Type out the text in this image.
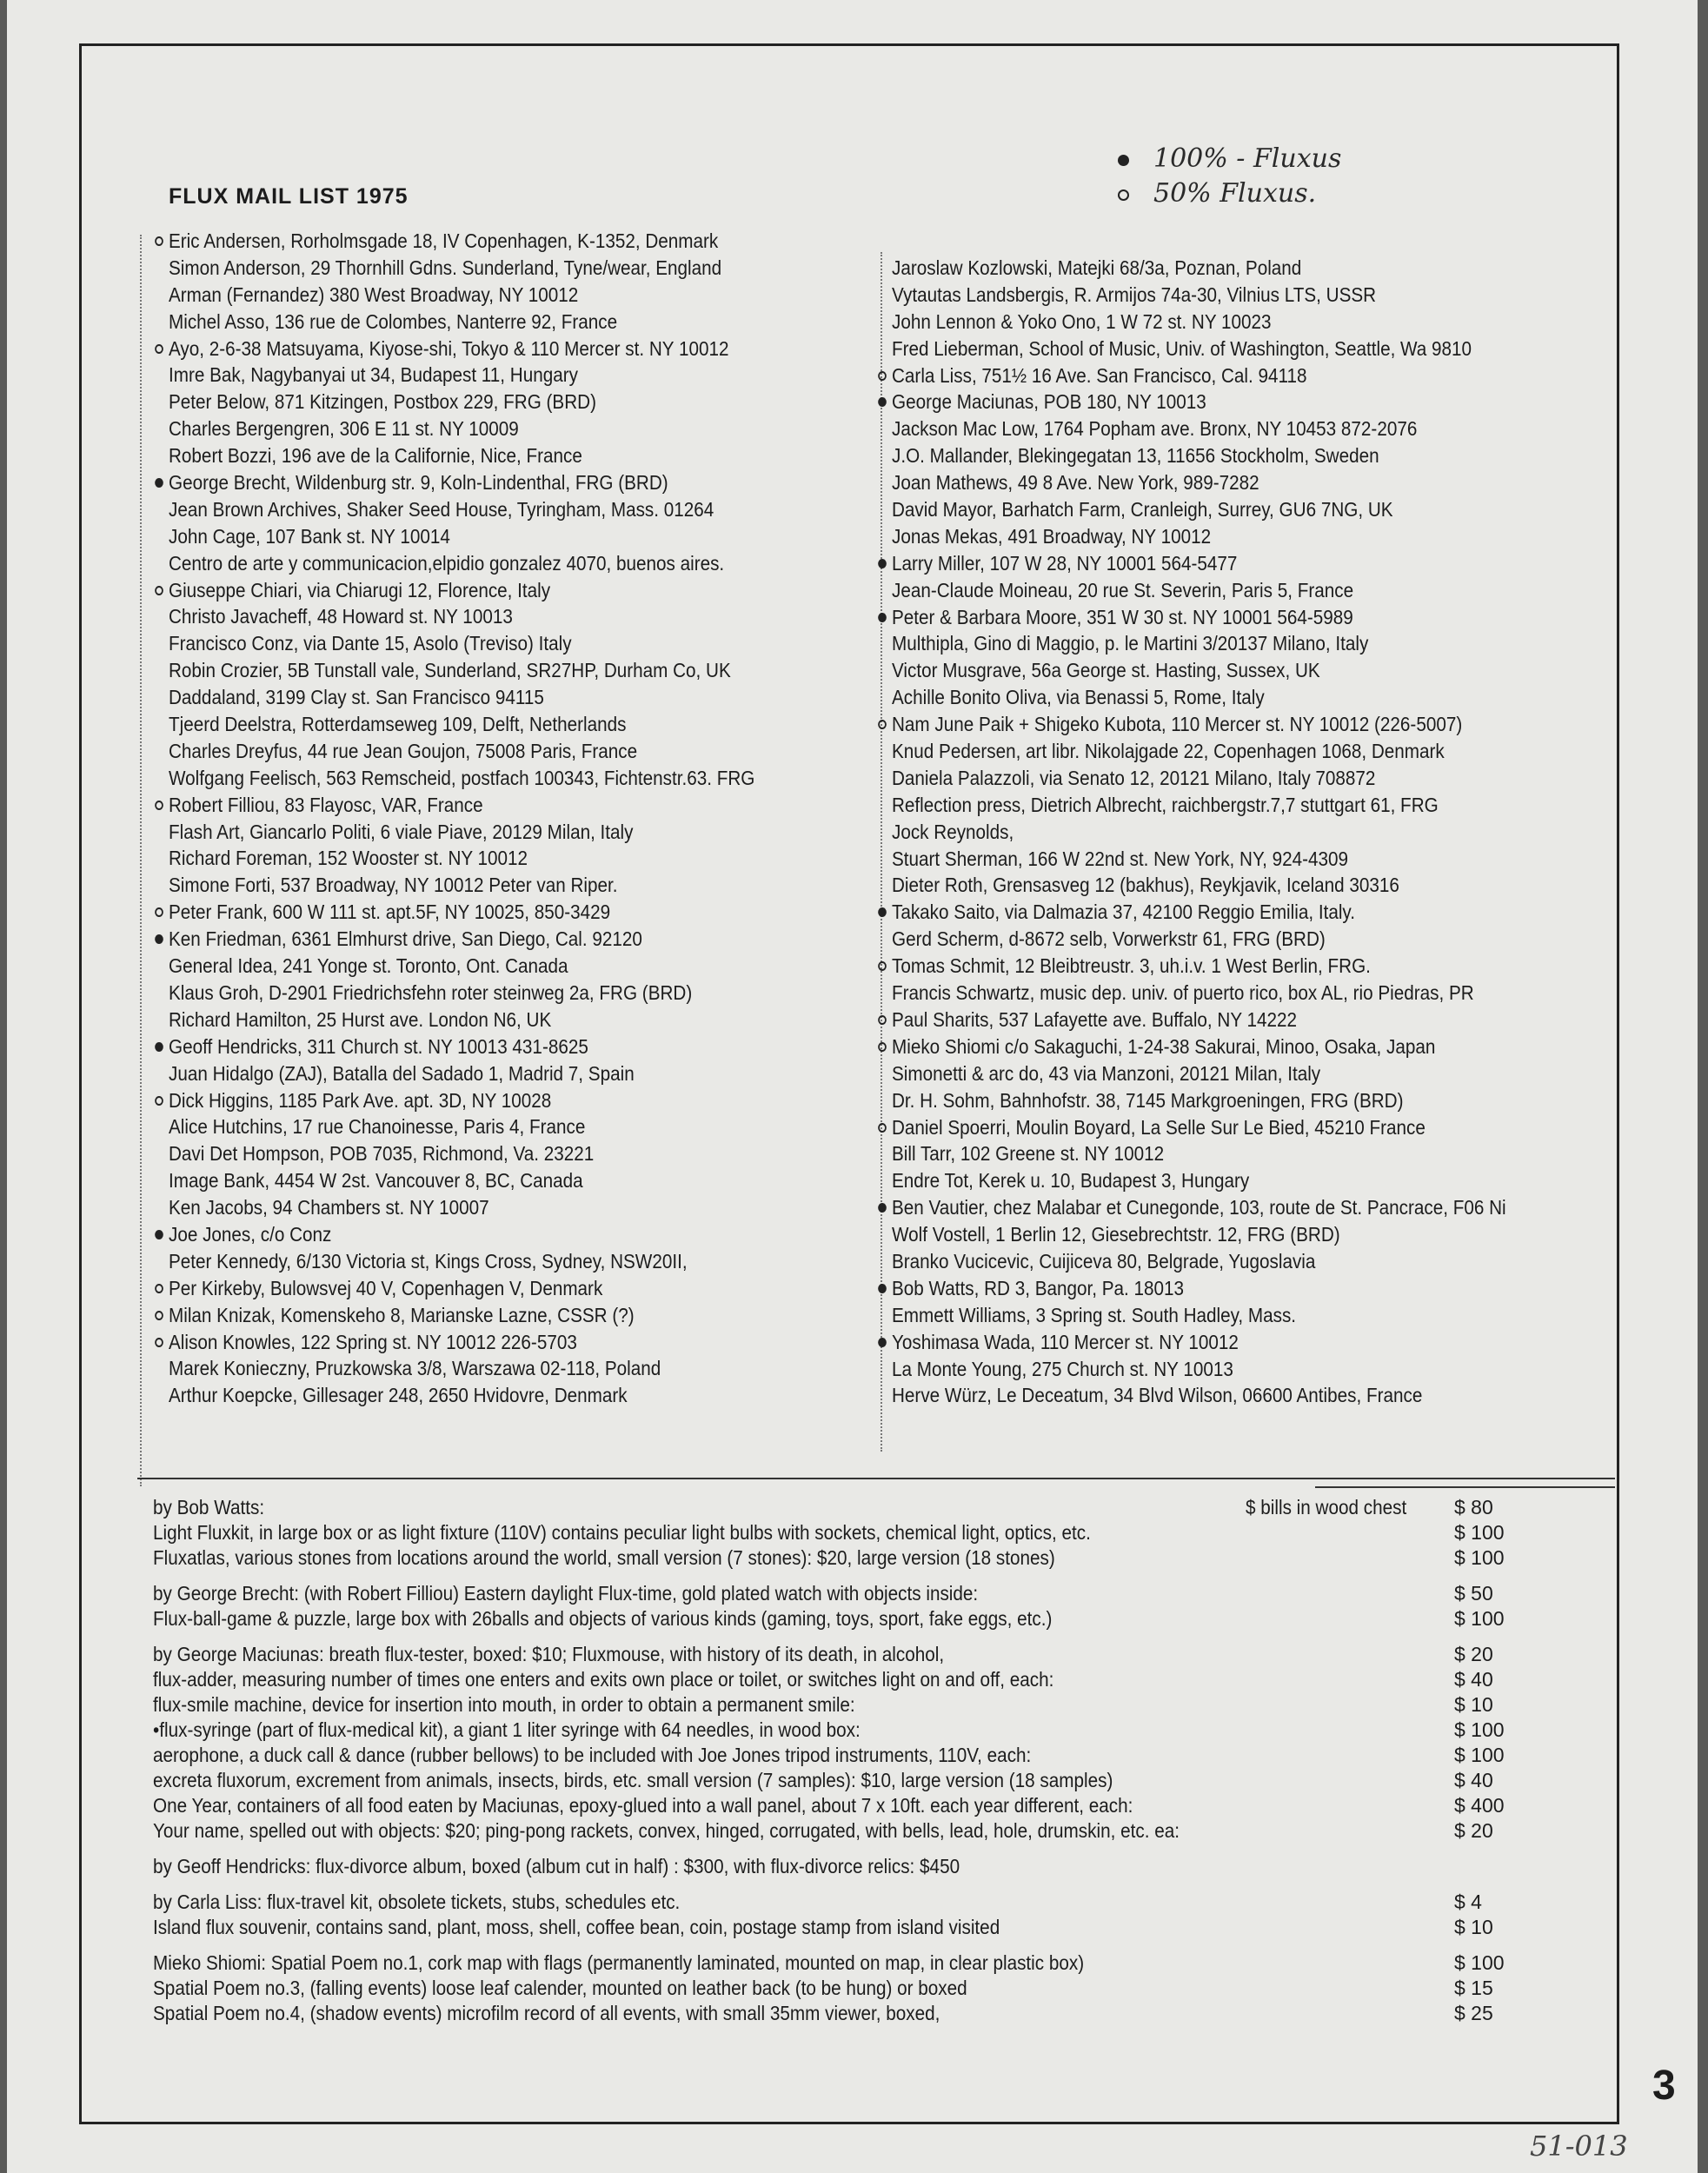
FLUX MAIL LIST 1975
100% - Fluxus
50% Fluxus.
Eric Andersen, Rorholmsgade 18, IV Copenhagen, K-1352, Denmark
Simon Anderson, 29 Thornhill Gdns. Sunderland, Tyne/wear, England
Arman (Fernandez) 380 West Broadway, NY 10012
Michel Asso, 136 rue de Colombes, Nanterre 92, France
Ayo, 2-6-38 Matsuyama, Kiyose-shi, Tokyo & 110 Mercer st. NY 10012
Imre Bak, Nagybanyai ut 34, Budapest 11, Hungary
Peter Below, 871 Kitzingen, Postbox 229, FRG (BRD)
Charles Bergengren, 306 E 11 st. NY 10009
Robert Bozzi, 196 ave de la Californie, Nice, France
George Brecht, Wildenburg str. 9, Koln-Lindenthal, FRG (BRD)
Jean Brown Archives, Shaker Seed House, Tyringham, Mass. 01264
John Cage, 107 Bank st. NY 10014
Centro de arte y communicacion,elpidio gonzalez 4070, buenos aires.
Giuseppe Chiari, via Chiarugi 12, Florence, Italy
Christo Javacheff, 48 Howard st. NY 10013
Francisco Conz, via Dante 15, Asolo (Treviso) Italy
Robin Crozier, 5B Tunstall vale, Sunderland, SR27HP, Durham Co, UK
Daddaland, 3199 Clay st. San Francisco 94115
Tjeerd Deelstra, Rotterdamseweg 109, Delft, Netherlands
Charles Dreyfus, 44 rue Jean Goujon, 75008 Paris, France
Wolfgang Feelisch, 563 Remscheid, postfach 100343, Fichtenstr.63. FRG
Robert Filliou, 83 Flayosc, VAR, France
Flash Art, Giancarlo Politi, 6 viale Piave, 20129 Milan, Italy
Richard Foreman, 152 Wooster st. NY 10012
Simone Forti, 537 Broadway, NY 10012 Peter van Riper.
Peter Frank, 600 W 111 st. apt.5F, NY 10025, 850-3429
Ken Friedman, 6361 Elmhurst drive, San Diego, Cal. 92120
General Idea, 241 Yonge st. Toronto, Ont. Canada
Klaus Groh, D-2901 Friedrichsfehn roter steinweg 2a, FRG (BRD)
Richard Hamilton, 25 Hurst ave. London N6, UK
Geoff Hendricks, 311 Church st. NY 10013 431-8625
Juan Hidalgo (ZAJ), Batalla del Sadado 1, Madrid 7, Spain
Dick Higgins, 1185 Park Ave. apt. 3D, NY 10028
Alice Hutchins, 17 rue Chanoinesse, Paris 4, France
Davi Det Hompson, POB 7035, Richmond, Va. 23221
Image Bank, 4454 W 2st. Vancouver 8, BC, Canada
Ken Jacobs, 94 Chambers st. NY 10007
Joe Jones, c/o Conz
Peter Kennedy, 6/130 Victoria st, Kings Cross, Sydney, NSW20II,
Per Kirkeby, Bulowsvej 40 V, Copenhagen V, Denmark
Milan Knizak, Komenskeho 8, Marianske Lazne, CSSR (?)
Alison Knowles, 122 Spring st. NY 10012 226-5703
Marek Konieczny, Pruzkowska 3/8, Warszawa 02-118, Poland
Arthur Koepcke, Gillesager 248, 2650 Hvidovre, Denmark
Jaroslaw Kozlowski, Matejki 68/3a, Poznan, Poland
Vytautas Landsbergis, R. Armijos 74a-30, Vilnius LTS, USSR
John Lennon & Yoko Ono, 1 W 72 st. NY 10023
Fred Lieberman, School of Music, Univ. of Washington, Seattle, Wa 9810
Carla Liss, 751½ 16 Ave. San Francisco, Cal. 94118
George Maciunas, POB 180, NY 10013
Jackson Mac Low, 1764 Popham ave. Bronx, NY 10453 872-2076
J.O. Mallander, Blekingegatan 13, 11656 Stockholm, Sweden
Joan Mathews, 49 8 Ave. New York, 989-7282
David Mayor, Barhatch Farm, Cranleigh, Surrey, GU6 7NG, UK
Jonas Mekas, 491 Broadway, NY 10012
Larry Miller, 107 W 28, NY 10001 564-5477
Jean-Claude Moineau, 20 rue St. Severin, Paris 5, France
Peter & Barbara Moore, 351 W 30 st. NY 10001 564-5989
Multhipla, Gino di Maggio, p. le Martini 3/20137 Milano, Italy
Victor Musgrave, 56a George st. Hasting, Sussex, UK
Achille Bonito Oliva, via Benassi 5, Rome, Italy
Nam June Paik + Shigeko Kubota, 110 Mercer st. NY 10012 (226-5007)
Knud Pedersen, art libr. Nikolajgade 22, Copenhagen 1068, Denmark
Daniela Palazzoli, via Senato 12, 20121 Milano, Italy 708872
Reflection press, Dietrich Albrecht, raichbergstr.7,7 stuttgart 61, FRG
Jock Reynolds,
Stuart Sherman, 166 W 22nd st. New York, NY, 924-4309
Dieter Roth, Grensasveg 12 (bakhus), Reykjavik, Iceland 30316
Takako Saito, via Dalmazia 37, 42100 Reggio Emilia, Italy.
Gerd Scherm, d-8672 selb, Vorwerkstr 61, FRG (BRD)
Tomas Schmit, 12 Bleibtreustr. 3, uh.i.v. 1 West Berlin, FRG.
Francis Schwartz, music dep. univ. of puerto rico, box AL, rio Piedras, PR
Paul Sharits, 537 Lafayette ave. Buffalo, NY 14222
Mieko Shiomi c/o Sakaguchi, 1-24-38 Sakurai, Minoo, Osaka, Japan
Simonetti & arc do, 43 via Manzoni, 20121 Milan, Italy
Dr. H. Sohm, Bahnhofstr. 38, 7145 Markgroeningen, FRG (BRD)
Daniel Spoerri, Moulin Boyard, La Selle Sur Le Bied, 45210 France
Bill Tarr, 102 Greene st. NY 10012
Endre Tot, Kerek u. 10, Budapest 3, Hungary
Ben Vautier, chez Malabar et Cunegonde, 103, route de St. Pancrace, F06 Ni
Wolf Vostell, 1 Berlin 12, Giesebrechtstr. 12, FRG (BRD)
Branko Vucicevic, Cuijiceva 80, Belgrade, Yugoslavia
Bob Watts, RD 3, Bangor, Pa. 18013
Emmett Williams, 3 Spring st. South Hadley, Mass.
Yoshimasa Wada, 110 Mercer st. NY 10012
La Monte Young, 275 Church st. NY 10013
Herve Würz, Le Deceatum, 34 Blvd Wilson, 06600 Antibes, France
by Bob Watts:	$ bills in wood chest $ 80
Light Fluxkit, in large box or as light fixture (110V) contains peculiar light bulbs with sockets, chemical light, optics, etc.	$ 100
Fluxatlas, various stones from locations around the world, small version (7 stones): $20, large version (18 stones)	$ 100
by George Brecht: (with Robert Filliou) Eastern daylight Flux-time, gold plated watch with objects inside:	$ 50
Flux-ball-game & puzzle, large box with 26balls and objects of various kinds (gaming, toys, sport, fake eggs, etc.)	$ 100
by George Maciunas: breath flux-tester, boxed: $10; Fluxmouse, with history of its death, in alcohol,	$ 20
flux-adder, measuring number of times one enters and exits own place or toilet, or switches light on and off, each:	$ 40
flux-smile machine, device for insertion into mouth, in order to obtain a permanent smile:	$ 10
•flux-syringe (part of flux-medical kit), a giant 1 liter syringe with 64 needles, in wood box:	$ 100
aerophone, a duck call & dance (rubber bellows) to be included with Joe Jones tripod instruments, 110V, each:	$ 100
excreta fluxorum, excrement from animals, insects, birds, etc. small version (7 samples): $10, large version (18 samples)	$ 40
One Year, containers of all food eaten by Maciunas, epoxy-glued into a wall panel, about 7 x 10ft. each year different, each:	$ 400
Your name, spelled out with objects: $20; ping-pong rackets, convex, hinged, corrugated, with bells, lead, hole, drumskin, etc. ea:	$ 20
by Geoff Hendricks: flux-divorce album, boxed (album cut in half) : $300, with flux-divorce relics: $450
by Carla Liss: flux-travel kit, obsolete tickets, stubs, schedules etc.	$ 4
Island flux souvenir, contains sand, plant, moss, shell, coffee bean, coin, postage stamp from island visited	$ 10
Mieko Shiomi: Spatial Poem no.1, cork map with flags (permanently laminated, mounted on map, in clear plastic box)	$ 100
Spatial Poem no.3, (falling events) loose leaf calender, mounted on leather back (to be hung) or boxed	$ 15
Spatial Poem no.4, (shadow events) microfilm record of all events, with small 35mm viewer, boxed,	$ 25
3
51-013
